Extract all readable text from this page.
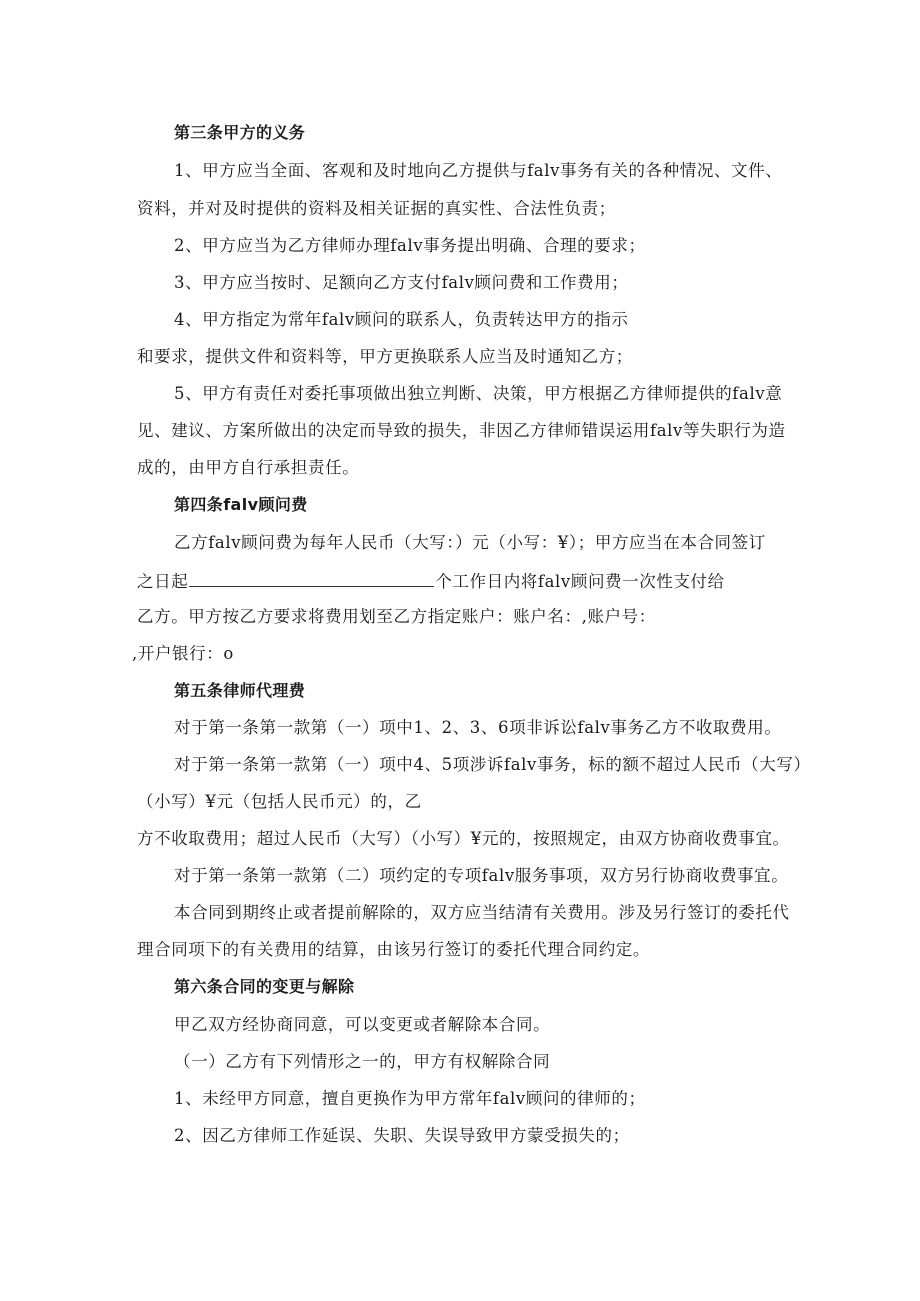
第三条甲方的义务

1、甲方应当全面、客观和及时地向乙方提供与falv事务有关的各种情况、文件、

资料，并对及时提供的资料及相关证据的真实性、合法性负责；

2、甲方应当为乙方律师办理falv事务提出明确、合理的要求；

3、甲方应当按时、足额向乙方支付falv顾问费和工作费用；

4、甲方指定为常年falv顾问的联系人，负责转达甲方的指示

和要求，提供文件和资料等，甲方更换联系人应当及时通知乙方；

5、甲方有责任对委托事项做出独立判断、决策，甲方根据乙方律师提供的falv意

见、建议、方案所做出的决定而导致的损失，非因乙方律师错误运用falv等失职行为造

成的，由甲方自行承担责任。

第四条falv顾问费

乙方falv顾问费为每年人民币（大写：）元（小写：¥）；甲方应当在本合同签订

之日起	个工作日内将falv顾问费一次性支付给

乙方。甲方按乙方要求将费用划至乙方指定账户：账户名：,账户号：

,开户银行：o

第五条律师代理费

对于第一条第一款第（一）项中1、2、3、6项非诉讼falv事务乙方不收取费用。

对于第一条第一款第（一）项中4、5项涉诉falv事务，标的额不超过人民币（大写）

（小写）¥元（包括人民币元）的，乙

方不收取费用；超过人民币（大写）（小写）¥元的，按照规定，由双方协商收费事宜。

对于第一条第一款第（二）项约定的专项falv服务事项，双方另行协商收费事宜。

本合同到期终止或者提前解除的，双方应当结清有关费用。涉及另行签订的委托代

理合同项下的有关费用的结算，由该另行签订的委托代理合同约定。

第六条合同的变更与解除

甲乙双方经协商同意，可以变更或者解除本合同。

（一）乙方有下列情形之一的，甲方有权解除合同

1、未经甲方同意，擅自更换作为甲方常年falv顾问的律师的；

2、因乙方律师工作延误、失职、失误导致甲方蒙受损失的；
